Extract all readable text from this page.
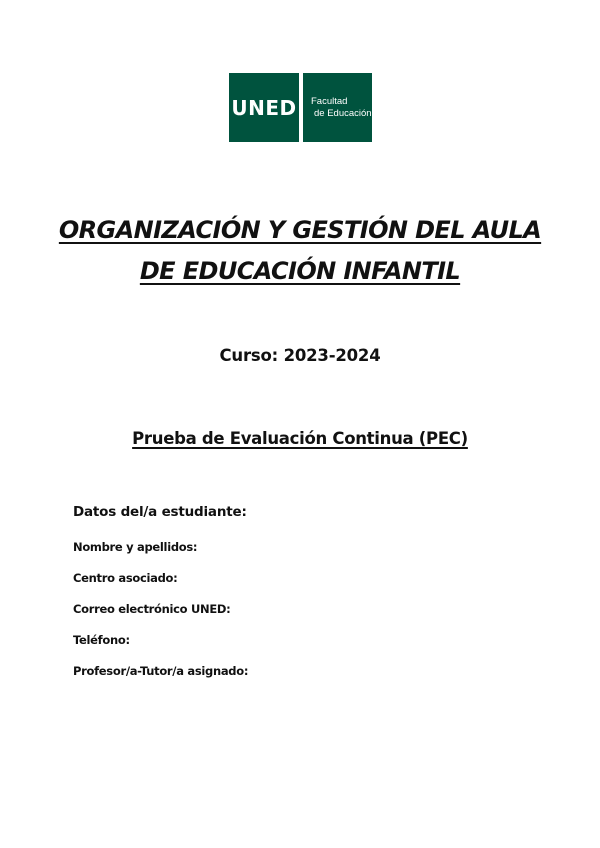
UNED Facultad
de Educación
ORGANIZACIÓN Y GESTIÓN DEL AULA
DE EDUCACIÓN INFANTIL
Curso: 2023-2024
Prueba de Evaluación Continua (PEC)
Datos del/a estudiante:
Nombre y apellidos:
Centro asociado:
Correo electrónico UNED:
Teléfono:
Profesor/a-Tutor/a asignado:
